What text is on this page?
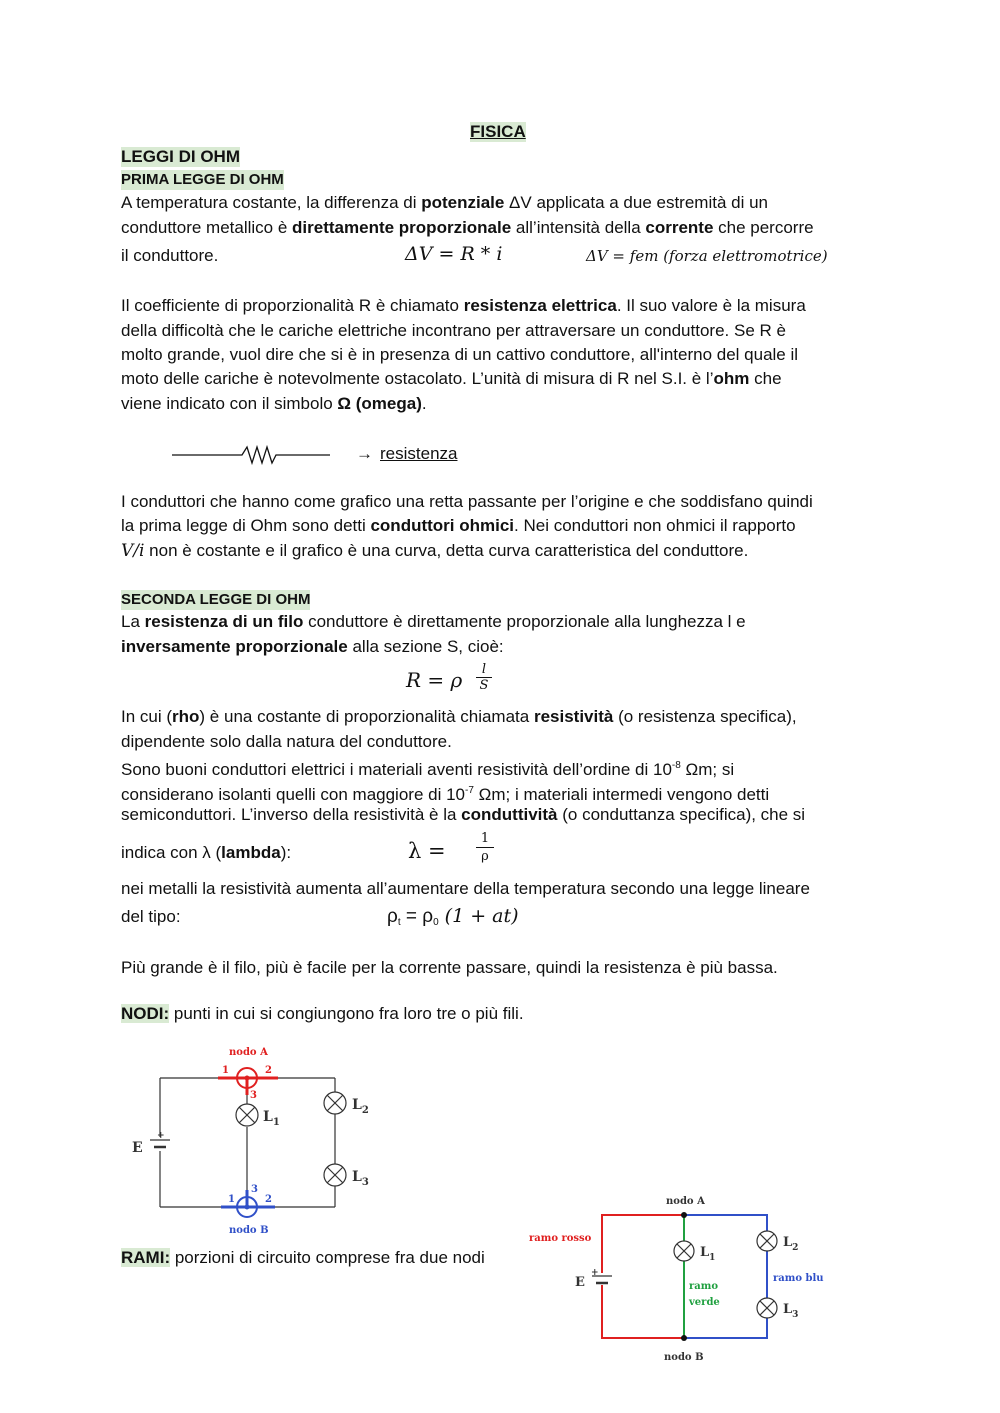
FISICA
LEGGI DI OHM
PRIMA LEGGE DI OHM
A temperatura costante, la differenza di potenziale ΔV applicata a due estremità di un
conduttore metallico è direttamente proporzionale all’intensità della corrente che percorre
il conduttore.	ΔV = R * i	ΔV = fem (forza elettromotrice)
Il coefficiente di proporzionalità R è chiamato resistenza elettrica. Il suo valore è la misura
della difficoltà che le cariche elettriche incontrano per attraversare un conduttore. Se R è
molto grande, vuol dire che si è in presenza di un cattivo conduttore, all'interno del quale il
moto delle cariche è notevolmente ostacolato. L’unità di misura di R nel S.I. è l’ohm che
viene indicato con il simbolo Ω (omega).
→ resistenza
I conduttori che hanno come grafico una retta passante per l’origine e che soddisfano quindi
la prima legge di Ohm sono detti conduttori ohmici. Nei conduttori non ohmici il rapporto
V/i non è costante e il grafico è una curva, detta curva caratteristica del conduttore.
SECONDA LEGGE DI OHM
La resistenza di un filo conduttore è direttamente proporzionale alla lunghezza l e
inversamente proporzionale alla sezione S, cioè:
R = ρ $\frac{l}{S}$
In cui (rho) è una costante di proporzionalità chiamata resistività (o resistenza specifica),
dipendente solo dalla natura del conduttore.
Sono buoni conduttori elettrici i materiali aventi resistività dell’ordine di $10^{-8}$ Ωm; si
considerano isolanti quelli con maggiore di $10^{-7}$ Ωm; i materiali intermedi vengono detti
semiconduttori. L’inverso della resistività è la conduttività (o conduttanza specifica), che si
indica con λ (lambda):	$\lambda = \frac{1}{\rho}$
nei metalli la resistività aumenta all’aumentare della temperatura secondo una legge lineare
del tipo:	$\rho_t = \rho_0$ (1 + at)
Più grande è il filo, più è facile per la corrente passare, quindi la resistenza è più bassa.
NODI: punti in cui si congiungono fra loro tre o più fili.
RAMI: porzioni di circuito comprese fra due nodi
+
E
$L_1$
$L_2$
$L_3$
nodo A
1	2
3
nodo B
1	2
3
+
E
$L_1$
$L_2$
$L_3$
nodo A
nodo B
ramo rosso
ramo
verde
ramo blu
